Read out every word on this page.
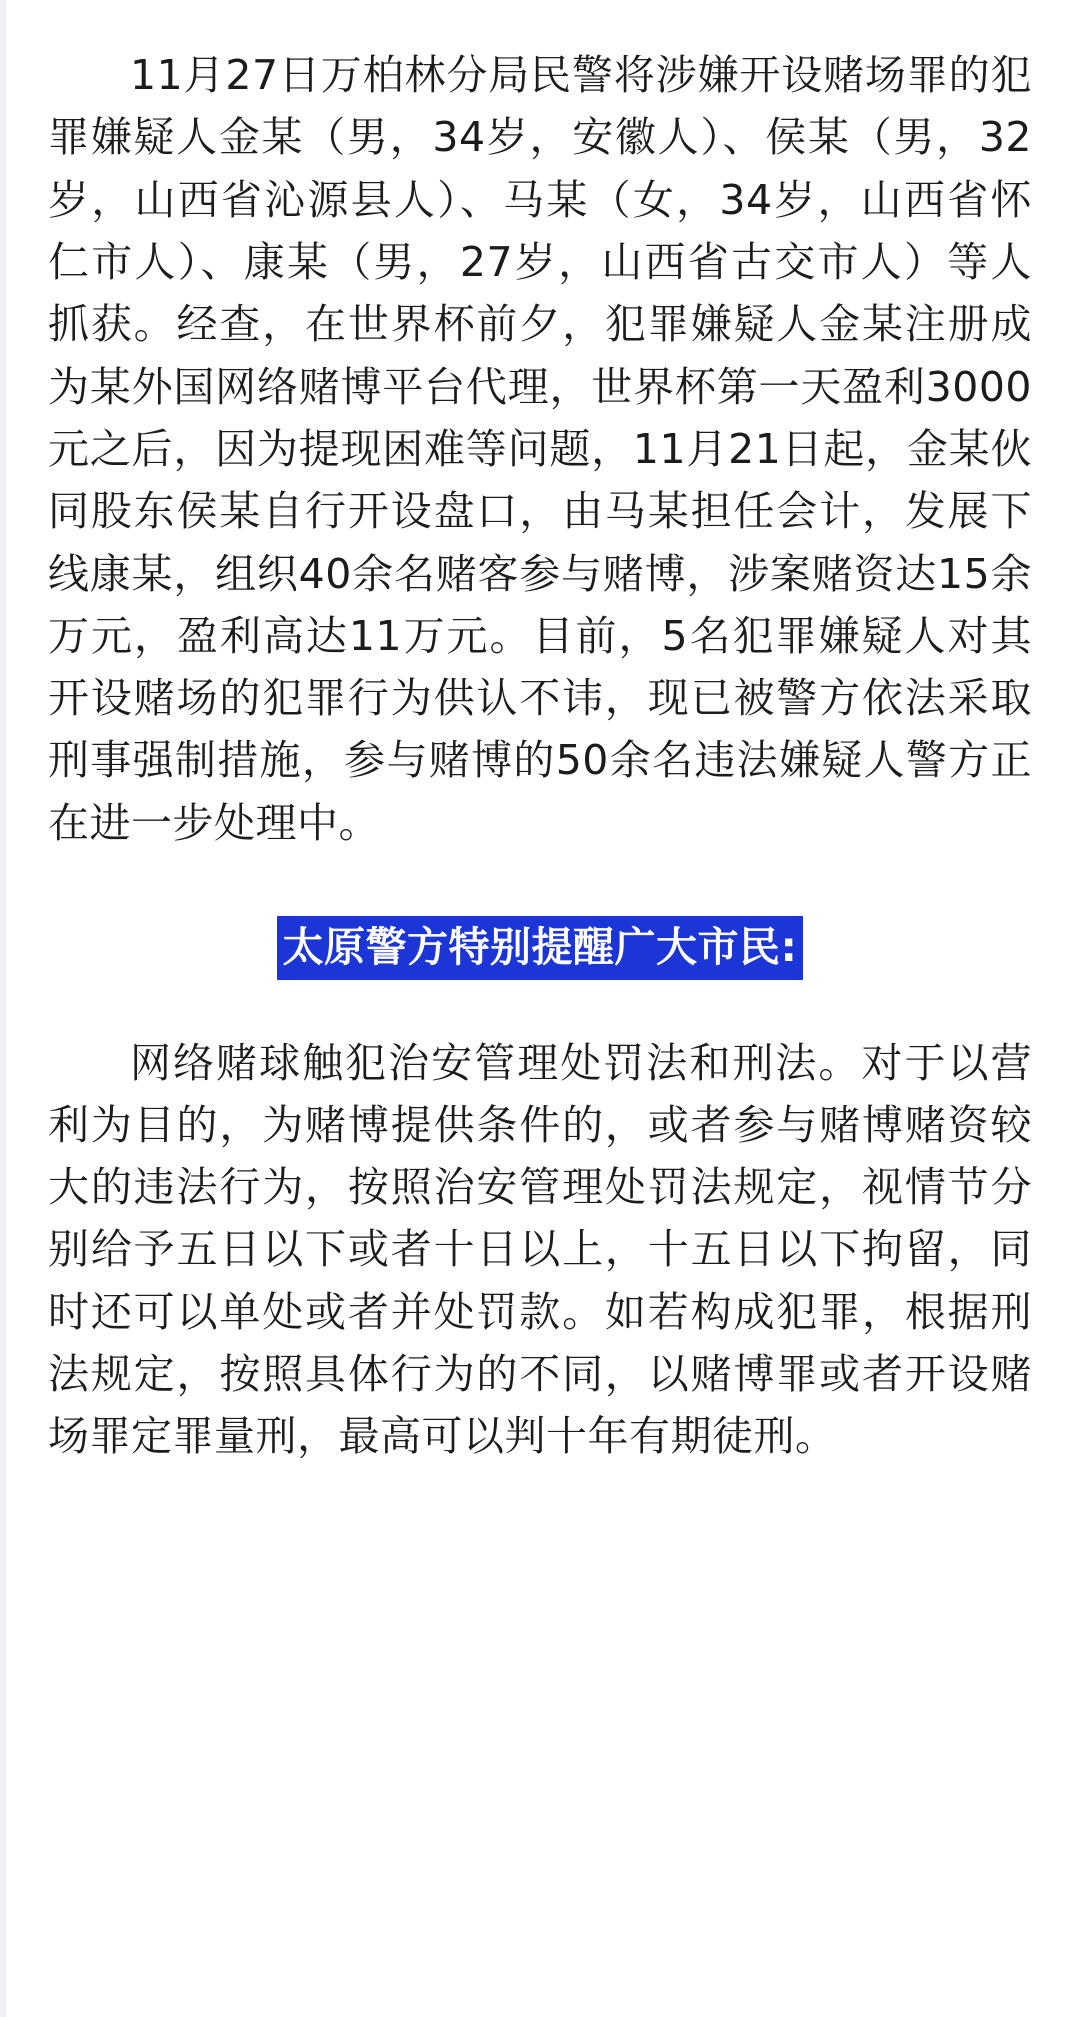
11月27日万柏林分局民警将涉嫌开设赌场罪的犯罪嫌疑人金某（男，34岁，安徽人）、侯某（男，32岁，山西省沁源县人）、马某（女，34岁，山西省怀仁市人）、康某（男，27岁，山西省古交市人）等人抓获。经查，在世界杯前夕，犯罪嫌疑人金某注册成为某外国网络赌博平台代理，世界杯第一天盈利3000元之后，因为提现困难等问题，11月21日起，金某伙同股东侯某自行开设盘口，由马某担任会计，发展下线康某，组织40余名赌客参与赌博，涉案赌资达15余万元，盈利高达11万元。目前，5名犯罪嫌疑人对其开设赌场的犯罪行为供认不讳，现已被警方依法采取刑事强制措施，参与赌博的50余名违法嫌疑人警方正在进一步处理中。

太原警方特别提醒广大市民:

网络赌球触犯治安管理处罚法和刑法。对于以营利为目的，为赌博提供条件的，或者参与赌博赌资较大的违法行为，按照治安管理处罚法规定，视情节分别给予五日以下或者十日以上，十五日以下拘留，同时还可以单处或者并处罚款。如若构成犯罪，根据刑法规定，按照具体行为的不同，以赌博罪或者开设赌场罪定罪量刑，最高可以判十年有期徒刑。
